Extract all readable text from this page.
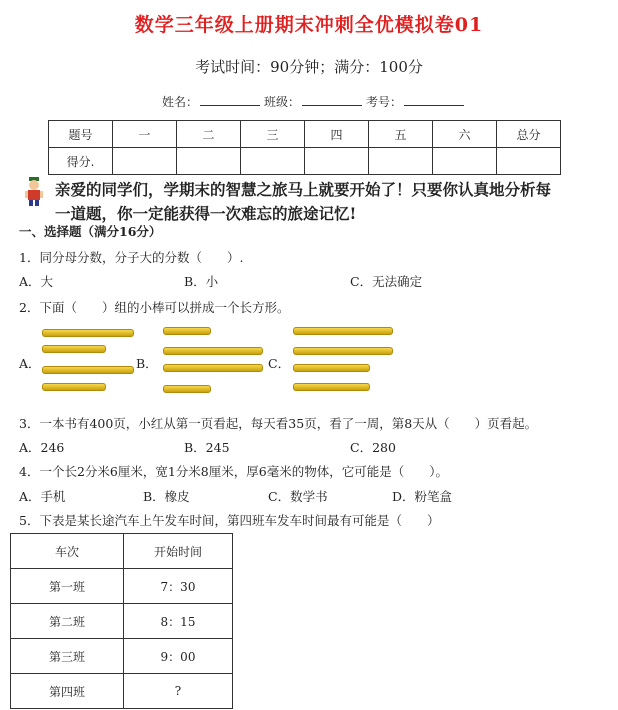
数学三年级上册期末冲刺全优模拟卷01
考试时间：90分钟；满分：100分
姓名：	班级：	考号：
题号	一	二	三	四	五	六	总分
得分.							
亲爱的同学们，学期末的智慧之旅马上就要开始了！只要你认真地分析每
一道题，你一定能获得一次难忘的旅途记忆!
一、选择题（满分16分）
1．同分母分数，分子大的分数（　　）.
A．大	B．小	C．无法确定
2．下面（　　）组的小棒可以拼成一个长方形。
A．	B．	C．
3．一本书有400页，小红从第一页看起，每天看35页，看了一周，第8天从（　　）页看起。
A．246	B．245	C．280
4．一个长2分米6厘米，宽1分米8厘米，厚6毫米的物体，它可能是（　　）。
A．手机	B．橡皮	C．数学书	D．粉笔盒
5．下表是某长途汽车上午发车时间，第四班车发车时间最有可能是（　　）
车次	开始时间
第一班	7：30
第二班	8：15
第三班	9：00
第四班	?
